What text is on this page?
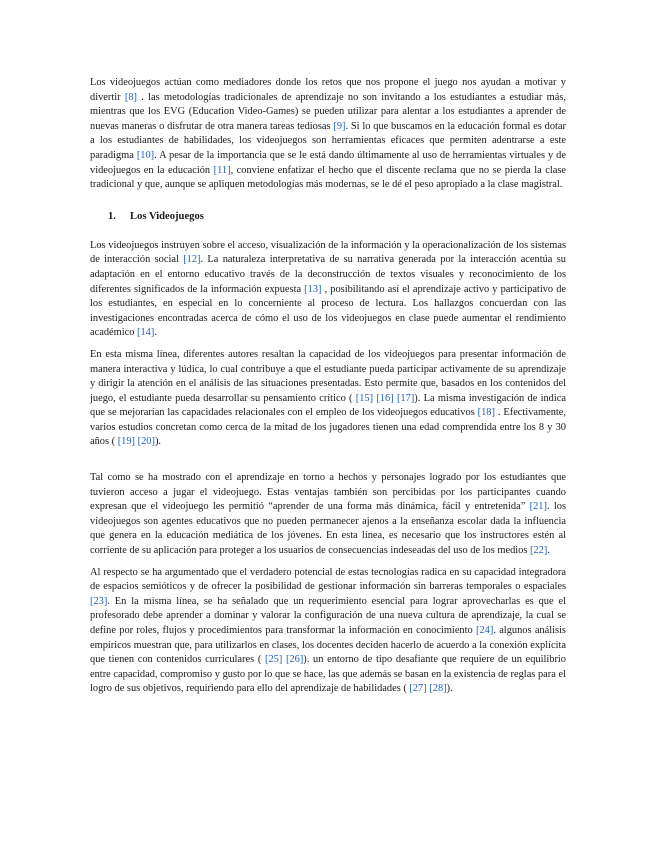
Los videojuegos actúan como mediadores donde los retos que nos propone el juego nos ayudan a motivar y divertir [8] . las metodologías tradicionales de aprendizaje no son invitando a los estudiantes a estudiar más, mientras que los EVG (Education Video-Games) se pueden utilizar para alentar a los estudiantes a aprender de nuevas maneras o disfrutar de otra manera tareas tediosas [9]. Si lo que buscamos en la educación formal es dotar a los estudiantes de habilidades, los videojuegos son herramientas eficaces que permiten adentrarse a este paradigma [10]. A pesar de la importancia que se le está dando últimamente al uso de herramientas virtuales y de videojuegos en la educación [11], conviene enfatizar el hecho que el discente reclama que no se pierda la clase tradicional y que, aunque se apliquen metodologías más modernas, se le dé el peso apropiado a la clase magistral.

1. Los Videojuegos

Los videojuegos instruyen sobre el acceso, visualización de la información y la operacionalización de los sistemas de interacción social [12]. La naturaleza interpretativa de su narrativa generada por la interacción acentúa su adaptación en el entorno educativo través de la deconstrucción de textos visuales y reconocimiento de los diferentes significados de la información expuesta [13] , posibilitando así el aprendizaje activo y participativo de los estudiantes, en especial en lo concerniente al proceso de lectura. Los hallazgos concuerdan con las investigaciones encontradas acerca de cómo el uso de los videojuegos en clase puede aumentar el rendimiento académico [14].

En esta misma línea, diferentes autores resaltan la capacidad de los videojuegos para presentar información de manera interactiva y lúdica, lo cual contribuye a que el estudiante pueda participar activamente de su aprendizaje y dirigir la atención en el análisis de las situaciones presentadas. Esto permite que, basados en los contenidos del juego, el estudiante pueda desarrollar su pensamiento crítico ( [15] [16] [17]). La misma investigación de indica que se mejorarían las capacidades relacionales con el empleo de los videojuegos educativos [18] . Efectivamente, varios estudios concretan como cerca de la mitad de los jugadores tienen una edad comprendida entre los 8 y 30 años ( [19] [20]).

Tal como se ha mostrado con el aprendizaje en torno a hechos y personajes logrado por los estudiantes que tuvieron acceso a jugar el videojuego. Estas ventajas también son percibidas por los participantes cuando expresan que el videojuego les permitió “aprender de una forma más dinámica, fácil y entretenida” [21]. los videojuegos son agentes educativos que no pueden permanecer ajenos a la enseñanza escolar dada la influencia que genera en la educación mediática de los jóvenes. En esta línea, es necesario que los instructores estén al corriente de su aplicación para proteger a los usuarios de consecuencias indeseadas del uso de los medios [22].

Al respecto se ha argumentado que el verdadero potencial de estas tecnologías radica en su capacidad integradora de espacios semióticos y de ofrecer la posibilidad de gestionar información sin barreras temporales o espaciales [23]. En la misma línea, se ha señalado que un requerimiento esencial para lograr aprovecharlas es que el profesorado debe aprender a dominar y valorar la configuración de una nueva cultura de aprendizaje, la cual se define por roles, flujos y procedimientos para transformar la información en conocimiento [24]. algunos análisis empíricos muestran que, para utilizarlos en clases, los docentes deciden hacerlo de acuerdo a la conexión explícita que tienen con contenidos curriculares ( [25] [26]). un entorno de tipo desafiante que requiere de un equilibrio entre capacidad, compromiso y gusto por lo que se hace, las que además se basan en la existencia de reglas para el logro de sus objetivos, requiriendo para ello del aprendizaje de habilidades ( [27] [28]).
